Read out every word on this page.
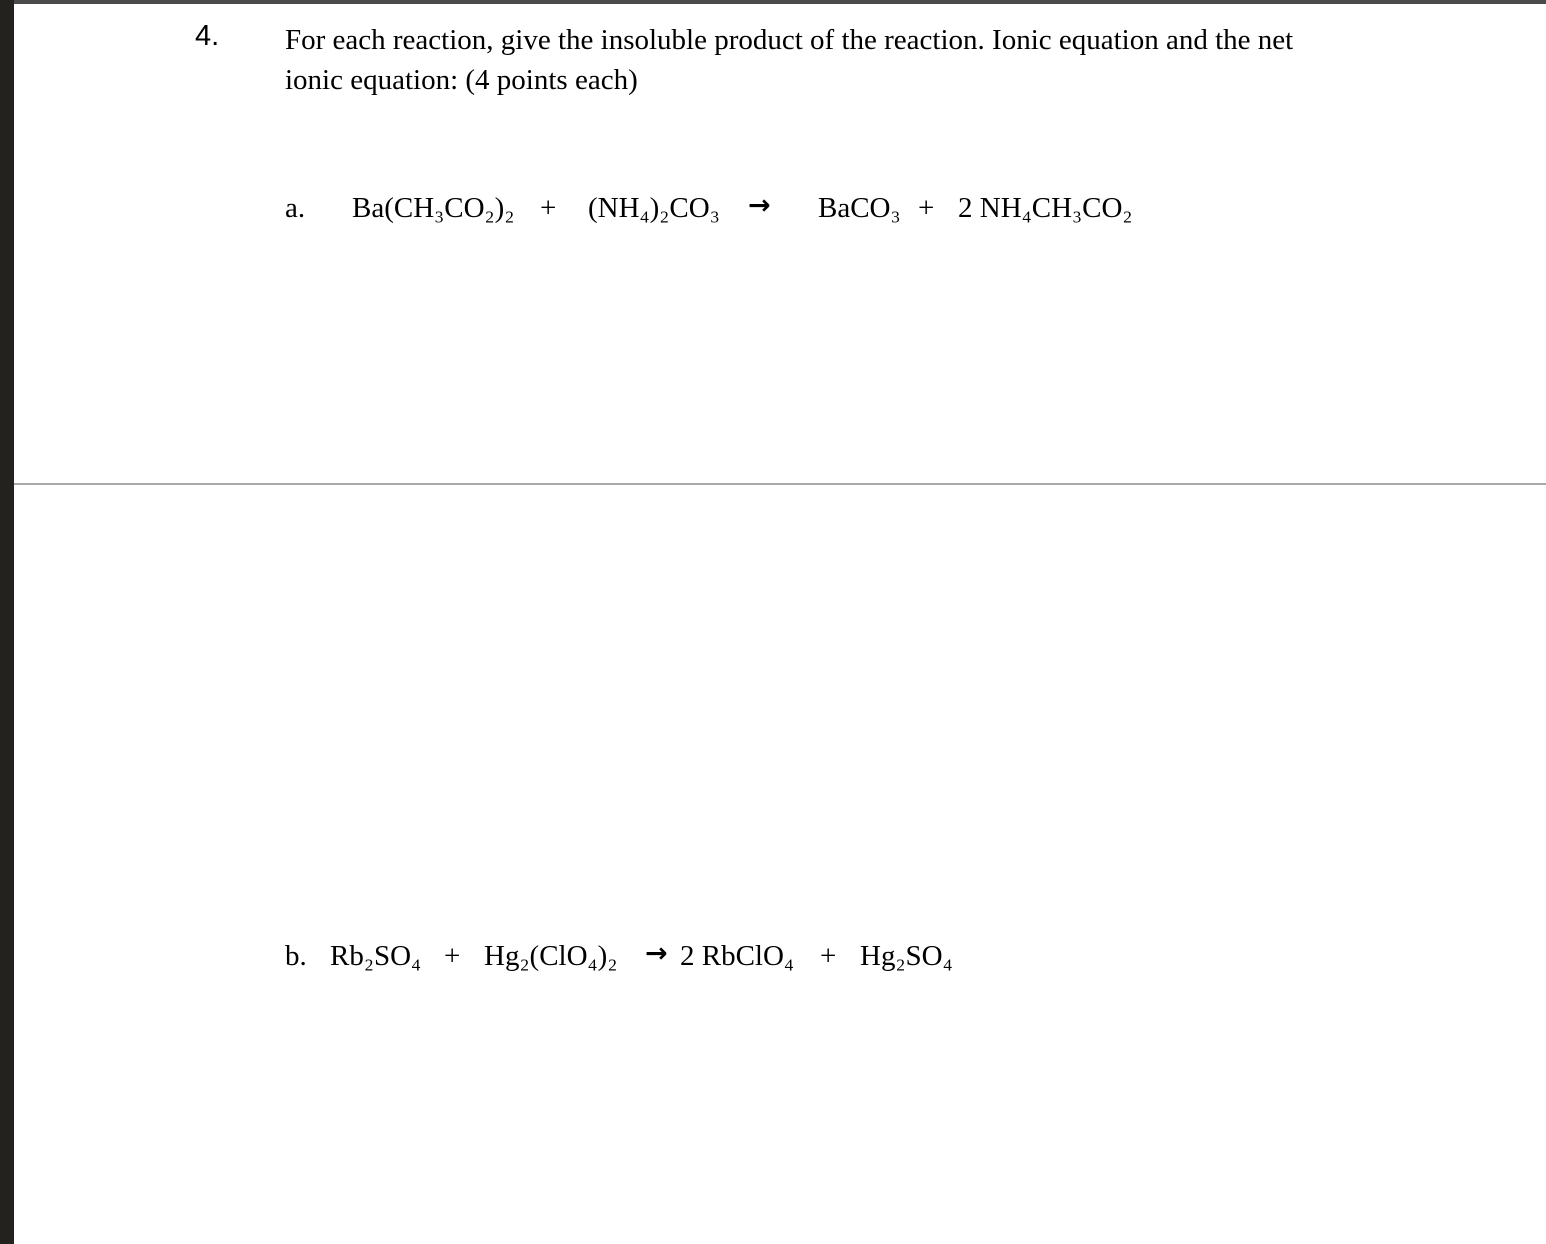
4. For each reaction, give the insoluble product of the reaction. Ionic equation and the net ionic equation: (4 points each)
a. Ba(CH₃CO₂)₂ + (NH₄)₂CO₃ → BaCO₃ + 2 NH₄CH₃CO₂
b. Rb₂SO₄ + Hg₂(ClO₄)₂ → 2 RbClO₄ + Hg₂SO₄
